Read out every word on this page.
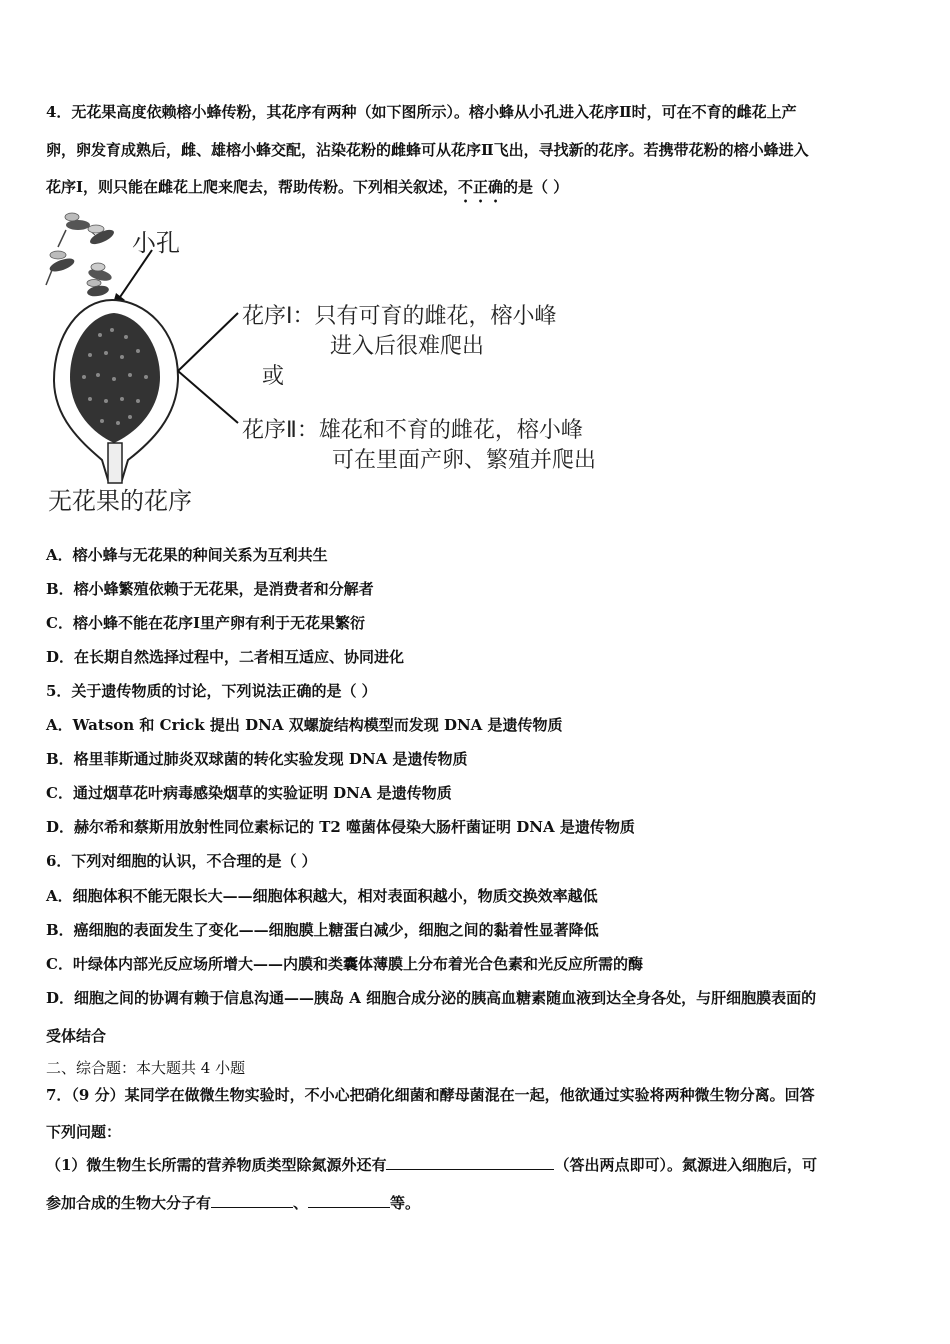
4．无花果高度依赖榕小蜂传粉，其花序有两种（如下图所示）。榕小蜂从小孔进入花序Ⅱ时，可在不育的雌花上产
卵，卵发育成熟后，雌、雄榕小蜂交配，沾染花粉的雌蜂可从花序Ⅱ飞出，寻找新的花序。若携带花粉的榕小蜂进入
花序Ⅰ，则只能在雌花上爬来爬去，帮助传粉。下列相关叙述，不正确的是（ ）
小孔
花序Ⅰ：只有可育的雌花，榕小峰
进入后很难爬出
或
花序Ⅱ：雄花和不育的雌花，榕小峰
可在里面产卵、繁殖并爬出
无花果的花序
A．榕小蜂与无花果的种间关系为互利共生
B．榕小蜂繁殖依赖于无花果，是消费者和分解者
C．榕小蜂不能在花序Ⅰ里产卵有利于无花果繁衍
D．在长期自然选择过程中，二者相互适应、协同进化
5．关于遗传物质的讨论，下列说法正确的是（ ）
A．Watson 和 Crick 提出 DNA 双螺旋结构模型而发现 DNA 是遗传物质
B．格里菲斯通过肺炎双球菌的转化实验发现 DNA 是遗传物质
C．通过烟草花叶病毒感染烟草的实验证明 DNA 是遗传物质
D．赫尔希和蔡斯用放射性同位素标记的 T2 噬菌体侵染大肠杆菌证明 DNA 是遗传物质
6．下列对细胞的认识，不合理的是（ ）
A．细胞体积不能无限长大——细胞体积越大，相对表面积越小，物质交换效率越低
B．癌细胞的表面发生了变化——细胞膜上糖蛋白减少，细胞之间的黏着性显著降低
C．叶绿体内部光反应场所增大——内膜和类囊体薄膜上分布着光合色素和光反应所需的酶
D．细胞之间的协调有赖于信息沟通——胰岛 A 细胞合成分泌的胰高血糖素随血液到达全身各处，与肝细胞膜表面的
受体结合
二、综合题：本大题共 4 小题
7．（9 分）某同学在做微生物实验时，不小心把硝化细菌和酵母菌混在一起，他欲通过实验将两种微生物分离。回答
下列问题：
（1）微生物生长所需的营养物质类型除氮源外还有	（答出两点即可）。氮源进入细胞后，可
参加合成的生物大分子有	、	等。
